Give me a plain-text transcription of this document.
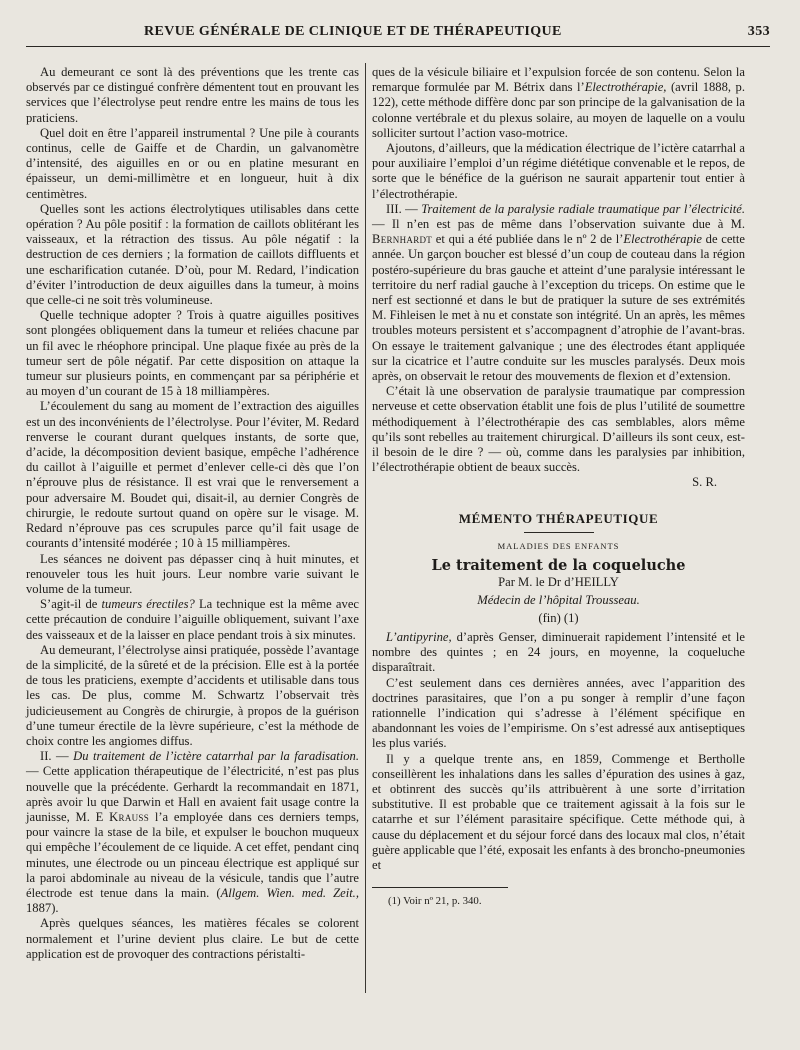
REVUE GÉNÉRALE DE CLINIQUE ET DE THÉRAPEUTIQUE	353

Au demeurant ce sont là des préventions que les trente cas observés par ce distingué confrère démentent tout en prouvant les services que l’électrolyse peut rendre entre les mains de tous les praticiens.

Quel doit en être l’appareil instrumental ? Une pile à courants continus, celle de Gaiffe et de Chardin, un galvanomètre d’intensité, des aiguilles en or ou en platine mesurant en épaisseur, un demi-millimètre et en longueur, huit à dix centimètres.

Quelles sont les actions électrolytiques utilisables dans cette opération ? Au pôle positif : la formation de caillots oblitérant les vaisseaux, et la rétraction des tissus. Au pôle négatif : la destruction de ces derniers ; la formation de caillots diffluents et une escharification cutanée. D’où, pour M. Redard, l’indication d’éviter l’introduction de deux aiguilles dans la tumeur, à moins que celle-ci ne soit très volumineuse.

Quelle technique adopter ? Trois à quatre aiguilles positives sont plongées obliquement dans la tumeur et reliées chacune par un fil avec le rhéophore principal. Une plaque fixée au près de la tumeur sert de pôle négatif. Par cette disposition on attaque la tumeur sur plusieurs points, en commençant par sa périphérie et au moyen d’un courant de 15 à 18 milliampères.

L’écoulement du sang au moment de l’extraction des aiguilles est un des inconvénients de l’électrolyse. Pour l’éviter, M. Redard renverse le courant durant quelques instants, de sorte que, d’acide, la décomposition devient basique, empêche l’adhérence du caillot à l’aiguille et permet d’enlever celle-ci dès que l’on n’éprouve plus de résistance. Il est vrai que le renversement a pour adversaire M. Boudet qui, disait-il, au dernier Congrès de chirurgie, le redoute surtout quand on opère sur le visage. M. Redard n’éprouve pas ces scrupules parce qu’il fait usage de courants d’intensité modérée ; 10 à 15 milliampères.

Les séances ne doivent pas dépasser cinq à huit minutes, et renouveler tous les huit jours. Leur nombre varie suivant le volume de la tumeur.

S’agit-il de tumeurs érectiles? La technique est la même avec cette précaution de conduire l’aiguille obliquement, suivant l’axe des vaisseaux et de la laisser en place pendant trois à six minutes.

Au demeurant, l’électrolyse ainsi pratiquée, possède l’avantage de la simplicité, de la sûreté et de la précision. Elle est à la portée de tous les praticiens, exempte d’accidents et utilisable dans tous les cas. De plus, comme M. Schwartz l’observait très judicieusement au Congrès de chirurgie, à propos de la guérison d’une tumeur érectile de la lèvre supérieure, c’est la méthode de choix contre les angiomes diffus.

II. — Du traitement de l’ictère catarrhal par la faradisation. — Cette application thérapeutique de l’électricité, n’est pas plus nouvelle que la précédente. Gerhardt la recommandait en 1871, après avoir lu que Darwin et Hall en avaient fait usage contre la jaunisse, M. E Krauss l’a employée dans ces derniers temps, pour vaincre la stase de la bile, et expulser le bouchon muqueux qui empêche l’écoulement de ce liquide. A cet effet, pendant cinq minutes, une électrode ou un pinceau électrique est appliqué sur la paroi abdominale au niveau de la vésicule, tandis que l’autre électrode est tenue dans la main. (Allgem. Wien. med. Zeit., 1887).

Après quelques séances, les matières fécales se colorent normalement et l’urine devient plus claire. Le but de cette application est de provoquer des contractions péristalti-

ques de la vésicule biliaire et l’expulsion forcée de son contenu. Selon la remarque formulée par M. Bétrix dans l’Electrothérapie, (avril 1888, p. 122), cette méthode diffère donc par son principe de la galvanisation de la colonne vertébrale et du plexus solaire, au moyen de laquelle on a voulu solliciter surtout l’action vaso-motrice.

Ajoutons, d’ailleurs, que la médication électrique de l’ictère catarrhal a pour auxiliaire l’emploi d’un régime diététique convenable et le repos, de sorte que le bénéfice de la guérison ne saurait appartenir tout entier à l’électrothérapie.

III. — Traitement de la paralysie radiale traumatique par l’électricité. — Il n’en est pas de même dans l’observation suivante due à M. Bernhardt et qui a été publiée dans le nº 2 de l’Electrothérapie de cette année. Un garçon boucher est blessé d’un coup de couteau dans la région postéro-supérieure du bras gauche et atteint d’une paralysie intéressant le territoire du nerf radial gauche à l’exception du triceps. On estime que le nerf est sectionné et dans le but de pratiquer la suture de ses extrémités M. Fihleisen le met à nu et constate son intégrité. Un an après, les mêmes troubles moteurs persistent et s’accompagnent d’atrophie de l’avant-bras. On essaye le traitement galvanique ; une des électrodes étant appliquée sur la cicatrice et l’autre conduite sur les muscles paralysés. Deux mois après, on observait le retour des mouvements de flexion et d’extension.

C’était là une observation de paralysie traumatique par compression nerveuse et cette observation établit une fois de plus l’utilité de soumettre méthodiquement à l’électrothérapie des cas semblables, alors même qu’ils sont rebelles au traitement chirurgical. D’ailleurs ils sont ceux, est-il besoin de le dire ? — où, comme dans les paralysies par inhibition, l’électrothérapie obtient de beaux succès.

S. R.

MÉMENTO THÉRAPEUTIQUE
MALADIES DES ENFANTS
Le traitement de la coqueluche
Par M. le Dr d’HEILLY
Médecin de l’hôpital Trousseau.
(fin) (1)

L’antipyrine, d’après Genser, diminuerait rapidement l’intensité et le nombre des quintes ; en 24 jours, en moyenne, la coqueluche disparaîtrait.

C’est seulement dans ces dernières années, avec l’apparition des doctrines parasitaires, que l’on a pu songer à remplir d’une façon rationnelle l’indication qui s’adresse à l’élément spécifique en abandonnant les voies de l’empirisme. On s’est adressé aux antiseptiques les plus variés.

Il y a quelque trente ans, en 1859, Commenge et Bertholle conseillèrent les inhalations dans les salles d’épuration des usines à gaz, et obtinrent des succès qu’ils attribuèrent à une sorte d’irritation substitutive. Il est probable que ce traitement agissait à la fois sur le catarrhe et sur l’élément parasitaire spécifique. Cette méthode qui, à cause du déplacement et du séjour forcé dans des locaux mal clos, n’était guère applicable que l’été, exposait les enfants à des broncho-pneumonies et

(1) Voir nº 21, p. 340.
